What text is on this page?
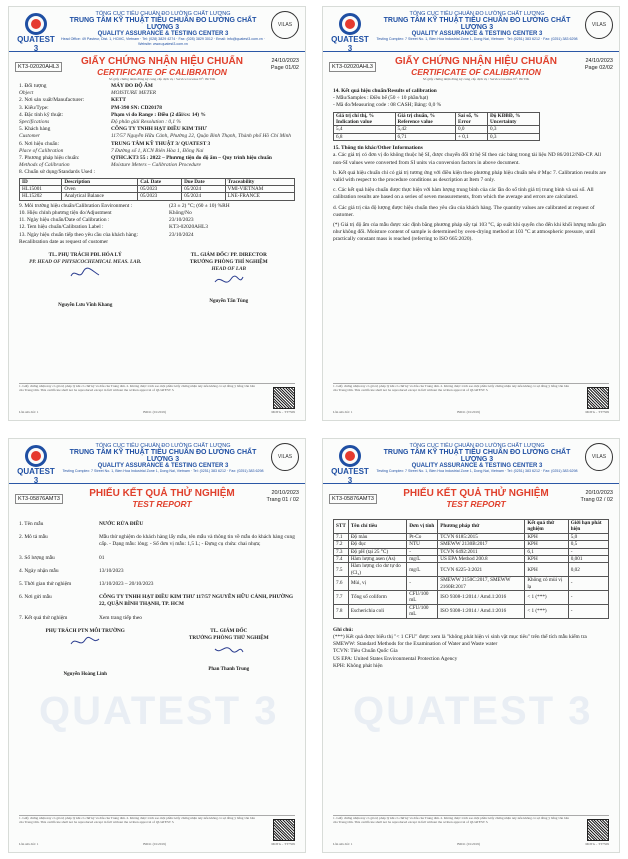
QUATEST 3
TỔNG CỤC TIÊU CHUẨN ĐO LƯỜNG CHẤT LƯỢNG
TRUNG TÂM KỸ THUẬT TIÊU CHUẨN ĐO LƯỜNG CHẤT LƯỢNG 3
QUALITY ASSURANCE & TESTING CENTER 3
Head Office: 49 Pasteur, Dist. 1, HCMC, Vietnam · Tel: (028) 3829 4274 · Fax: (028) 3829 3012 · Email: info@quatest3.com.vn · Website: www.quatest3.com.vn
VILAS
KT3-02020AHL3	GIẤY CHỨNG NHẬN HIỆU CHUẨN
CERTIFICATE OF CALIBRATION
Số giấy chứng nhận đăng ký cung cấp dịch vụ / Service License N°: 09/ ĐK
24/10/2023
Page 01/02
1. Đối tượng
Object
MÁY ĐO ĐỘ ẨM
MOISTURE METER
2. Nơi sản xuất/Manufacturer:	KETT
3. Kiểu/Type:	PM-390 SN: CD20178
4. Đặc tính kỹ thuật:
Specifications
Phạm vi đo Range : Điều (2 dãi/cs: 14) %
Độ phân giải Resolution : 0,1 %
5. Khách hàng
Customer
CÔNG TY TNHH HẠT ĐIỀU KIM THƯ
117/57 Nguyễn Hữu Cảnh, Phường 22, Quận Bình Thạnh, Thành phố Hồ Chí Minh
6. Nơi hiệu chuẩn:
Place of Calibration
TRUNG TÂM KỸ THUẬT 3/ QUATEST 3
7 Đường số 1, KCN Biên Hòa 1, Đồng Nai
7. Phương pháp hiệu chuẩn:
Methods of Calibration
QTHC.KT3 55 : 2022 – Phương tiện đo độ ẩm – Quy trình hiệu chuẩn
Moisture Meters – Calibration Procedure
8. Chuẩn sử dụng/Standards Used :
ID	Description	Cal. Date	Due Date	Traceability
HL15001	Oven	05/2023	05/2024	VMI-VIETNAM
HL15202	Analytical Balance	05/2023	05/2024	LNE-FRANCE
9. Môi trường hiệu chuẩn/Calibration Environment :	(23 ± 2) °C; (60 ± 10) %RH
10. Hiệu chỉnh phương tiện đo/Adjustment	Không/No
11. Ngày hiệu chuẩn/Date of Calibration :	23/10/2023
12. Tem hiệu chuẩn/Calibration Label :	KT3-02020AHL3
13. Ngày hiệu chuẩn tiếp theo yêu cầu của khách hàng:	23/10/2024
Recalibration date as request of customer
TL. PHỤ TRÁCH PĐL HÓA LÝ
PP. HEAD OF PHYSICOCHEMICAL MEAS. LAB.
Nguyễn Lưu Vĩnh Khang
TL. GIÁM ĐỐC/ PP. DIRECTOR
TRƯỞNG PHÒNG THÍ NGHIỆM
HEAD OF LAB
Nguyễn Tấn Tùng
1. Giấy chứng nhận này có giá trị pháp lý khi có chữ ký và dấu của Trung tâm. 2. Không được trích sao một phần Giấy chứng nhận này nếu không có sự đồng ý bằng văn bản của Trung tâm. This certificate shall not be reproduced except in full without the written approval of QUATEST 3.
Lần sửa đổi: 1	BM11 (01/2019)	MOTG - TT7509
QUATEST 3
TỔNG CỤC TIÊU CHUẨN ĐO LƯỜNG CHẤT LƯỢNG
TRUNG TÂM KỸ THUẬT TIÊU CHUẨN ĐO LƯỜNG CHẤT LƯỢNG 3
QUALITY ASSURANCE & TESTING CENTER 3
Testing Complex: 7 Street No. 1, Bien Hoa Industrial Zone 1, Dong Nai, Vietnam · Tel: (0251) 383 6212 · Fax: (0251) 383 6298
VILAS
KT3-02020AHL3	GIẤY CHỨNG NHẬN HIỆU CHUẨN
CERTIFICATE OF CALIBRATION
Số giấy chứng nhận đăng ký cung cấp dịch vụ / Service License N°: 09/ ĐK
24/10/2023
Page 02/02
14. Kết quả hiệu chuẩn/Results of calibration
- Mẫu/Samples : Điều bể (50 ÷ 10 phần/hạt)
- Mã đo/Measuring code : 08 CASH; Bảng: 0,0 %
Giá trị chỉ thị, % Indication value	Giá trị chuẩn, % Reference value	Sai số, % Error	Độ KĐBĐ, % Uncertainty
5,4	5,42	0,0	0,3
6,8	6,71	+ 0,1	0,3
15. Thông tin khác/Other Informations
a. Các giá trị có đơn vị đo không thuộc hệ SI, được chuyển đổi từ hệ SI theo các bảng trong tài liệu ND 86/2012/NĐ-CP. All non-SI values were converted from SI units via conversion factors in above document.
b. Kết quả hiệu chuẩn chỉ có giá trị tương ứng với điều kiện theo phương pháp hiệu chuẩn nêu ở Mục 7. Calibration results are valid with respect to the procedure conditions as description at Item 7 only.
c. Các kết quả hiệu chuẩn được thực hiện với hàm lượng trung bình của các lần đo số tính giá trị trung bình và sai số. All calibration results are based on a series of seven measurements, from which the average and errors are calculated.
d. Các giá trị của độ lượng được hiệu chuẩn theo yêu cầu của khách hàng. The quantity values are calibrated at request of customer.
(*) Giá trị độ ẩm của mẫu được xác định bằng phương pháp sấy tại 103 °C, áp suất khí quyển cho đến khi khối lượng mẫu gần như không đổi. Moisture content of sample is determined by oven-drying method at 103 °C at atmospheric pressure, until practically constant mass is reached (referring to ISO 665:2020).
1. Giấy chứng nhận này có giá trị pháp lý khi có chữ ký và dấu của Trung tâm. 2. Không được trích sao một phần Giấy chứng nhận này nếu không có sự đồng ý bằng văn bản của Trung tâm. This certificate shall not be reproduced except in full without the written approval of QUATEST 3.
Lần sửa đổi: 1	BM11 (01/2019)	MOTG - TT7509
QUATEST 3
TỔNG CỤC TIÊU CHUẨN ĐO LƯỜNG CHẤT LƯỢNG
TRUNG TÂM KỸ THUẬT TIÊU CHUẨN ĐO LƯỜNG CHẤT LƯỢNG 3
QUALITY ASSURANCE & TESTING CENTER 3
Testing Complex: 7 Street No. 1, Bien Hoa Industrial Zone 1, Dong Nai, Vietnam · Tel: (0251) 383 6212 · Fax: (0251) 383 6298
VILAS
KT3-05876AMT3	PHIẾU KẾT QUẢ THỬ NGHIỆM
TEST REPORT
20/10/2023
Trang 01 / 02
QUATEST 3
1. Tên mẫu	NƯỚC RỬA ĐIỀU
2. Mô tả mẫu	Mẫu thử nghiệm do khách hàng lấy mẫu, tên mẫu và thông tin về mẫu do khách hàng cung cấp. - Dạng mẫu: lỏng; - Số đơn vị mẫu: 1,5 L; - Đựng cụ chứa: chai nhựa;
3. Số lượng mẫu	01
4. Ngày nhận mẫu	13/10/2023
5. Thời gian thử nghiệm	13/10/2023 – 20/10/2023
6. Nơi gửi mẫu	CÔNG TY TNHH HẠT ĐIỀU KIM THƯ 117/57 NGUYỄN HỮU CẢNH, PHƯỜNG 22, QUẬN BÌNH THẠNH, TP. HCM
7. Kết quả thử nghiệm	Xem trang tiếp theo
PHỤ TRÁCH PTN MÔI TRƯỜNG
Nguyễn Hoàng Linh
TL. GIÁM ĐỐC
TRƯỞNG PHÒNG THỬ NGHIỆM
Phan Thanh Trung
1. Giấy chứng nhận này có giá trị pháp lý khi có chữ ký và dấu của Trung tâm. 2. Không được trích sao một phần Giấy chứng nhận này nếu không có sự đồng ý bằng văn bản của Trung tâm. This certificate shall not be reproduced except in full without the written approval of QUATEST 3.
Lần sửa đổi: 1	BM11 (01/2019)	MOTG - TT7509
QUATEST 3
TỔNG CỤC TIÊU CHUẨN ĐO LƯỜNG CHẤT LƯỢNG
TRUNG TÂM KỸ THUẬT TIÊU CHUẨN ĐO LƯỜNG CHẤT LƯỢNG 3
QUALITY ASSURANCE & TESTING CENTER 3
Testing Complex: 7 Street No. 1, Bien Hoa Industrial Zone 1, Dong Nai, Vietnam · Tel: (0251) 383 6212 · Fax: (0251) 383 6298
VILAS
KT3-05876AMT3	PHIẾU KẾT QUẢ THỬ NGHIỆM
TEST REPORT
20/10/2023
Trang 02 / 02
QUATEST 3
STT	Tên chỉ tiêu	Đơn vị tính	Phương pháp thử	Kết quả thử nghiệm	Giới hạn phát hiện
7.1	Độ màu	Pt-Co	TCVN 6185:2015	KPH	5,0
7.2	Độ đục	NTU	SMEWW 2130B:2017	KPH	0,5
7.3	Độ pH (tại 25 °C)	-	TCVN 6492:2011	6,1	-
7.4	Hàm lượng asen (As)	mg/L	US EPA Method 200.8	KPH	0,001
7.5	Hàm lượng clo dư tự do (Cl₂)	mg/L	TCVN 6225-3:2021	KPH	0,02
7.6	Mùi, vị	-	SMEWW 2150C:2017, SMEWW 2160B:2017	Không có mùi vị lạ	-
7.7	Tổng số coliform	CFU/100 mL	ISO 9308-1:2014 / Amd.1:2016	< 1 (***)	-
7.8	Escherichia coli	CFU/100 mL	ISO 9308-1:2014 / Amd.1:2016	< 1 (***)	-
Ghi chú:
(***) Kết quả được biểu thị "< 1 CFU" được xem là "không phát hiện vi sinh vật mục tiêu" trên thể tích mẫu kiểm tra
SMEWW: Standard Methods for the Examination of Water and Waste water
TCVN: Tiêu Chuẩn Quốc Gia
US EPA: United States Environmental Protection Agency
KPH: Không phát hiện
1. Giấy chứng nhận này có giá trị pháp lý khi có chữ ký và dấu của Trung tâm. 2. Không được trích sao một phần Giấy chứng nhận này nếu không có sự đồng ý bằng văn bản của Trung tâm. This certificate shall not be reproduced except in full without the written approval of QUATEST 3.
Lần sửa đổi: 1	BM11 (01/2019)	MOTG - TT7509
